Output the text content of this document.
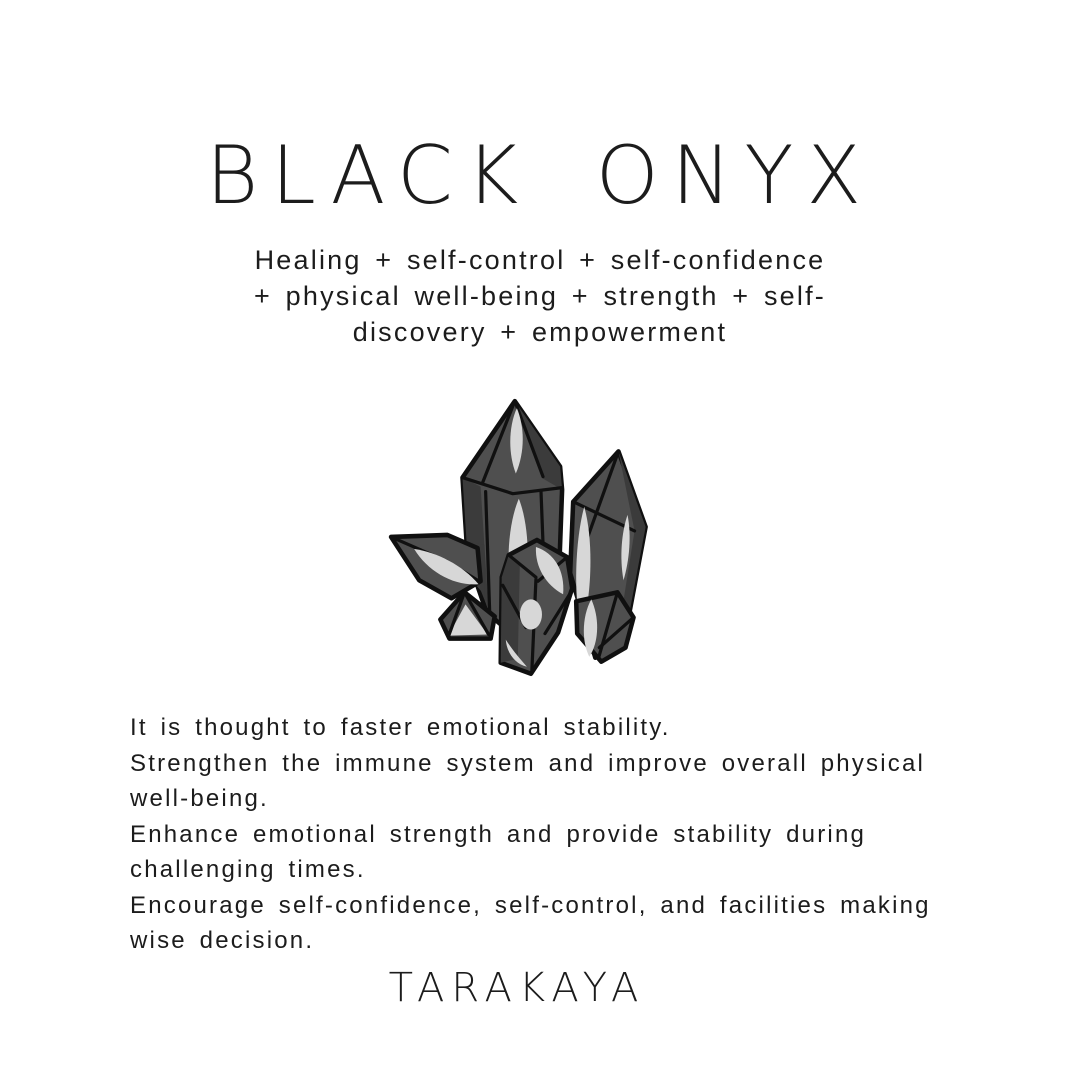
BLACK ONYX
Healing + self-control + self-confidence
+ physical well-being + strength + self-
discovery + empowerment
It is thought to faster emotional stability.
Strengthen the immune system and improve overall physical
well-being.
Enhance emotional strength and provide stability during
challenging times.
Encourage self-confidence, self-control, and facilities making
wise decision.
TARAKAYA
